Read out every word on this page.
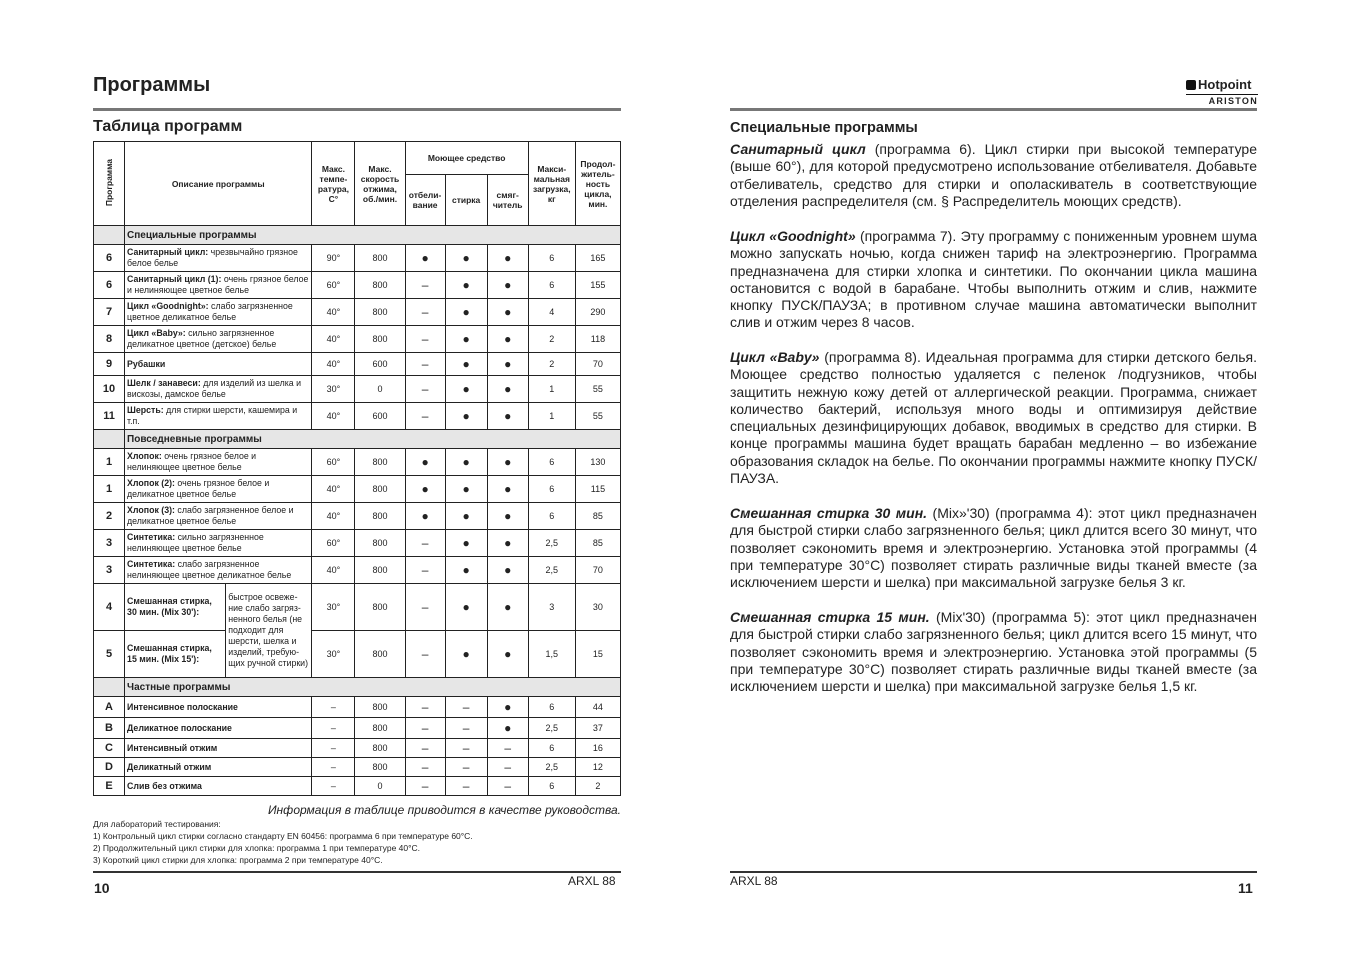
Программы
Таблица программ
Программа	Описание программы		Макс. темпе-ратура, С°	Макс. скорость отжима, об./мин.	Моющее средство			Макси-мальная загрузка, кг	Продол-житель-ность цикла, мин.
					отбели-вание	стирка	смяг-читель		
	Специальные программы								
6	Санитарный цикл: чрезвычайно грязное белое белье		90°	800	●	●	●	6	165
6	Санитарный цикл (1): очень грязное белое и нелиняющее цветное белье		60°	800	–	●	●	6	155
7	Цикл «Goodnight»: слабо загрязненное цветное деликатное белье		40°	800	–	●	●	4	290
8	Цикл «Baby»: сильно загрязненное деликатное цветное (детское) белье		40°	800	–	●	●	2	118
9	Рубашки		40°	600	–	●	●	2	70
10	Шелк / занавеси: для изделий из шелка и вискозы, дамское белье		30°	0	–	●	●	1	55
11	Шерсть: для стирки шерсти, кашемира и т.п.		40°	600	–	●	●	1	55
	Повседневные программы								
1	Хлопок: очень грязное белое и нелиняющее цветное белье		60°	800	●	●	●	6	130
1	Хлопок (2): очень грязное белое и деликатное цветное белье		40°	800	●	●	●	6	115
2	Хлопок (3): слабо загрязненное белое и деликатное цветное белье		40°	800	●	●	●	6	85
3	Синтетика: сильно загрязненное нелиняющее цветное белье		60°	800	–	●	●	2,5	85
3	Синтетика: слабо загрязненное нелиняющее цветное деликатное белье		40°	800	–	●	●	2,5	70
4	Смешанная стирка, 30 мин. (Mix 30'):	быстрое освеже-ние слабо загряз-ненного белья (не подходит для шерсти, шелка и изделий, требую-щих ручной стирки)	30°	800	–	●	●	3	30
5	Смешанная стирка, 15 мин. (Mix 15'):		30°	800	–	●	●	1,5	15
	Частные программы								
A	Интенсивное полоскание		–	800	–	–	●	6	44
B	Деликатное полоскание		–	800	–	–	●	2,5	37
C	Интенсивный отжим		–	800	–	–	–	6	16
D	Деликатный отжим		–	800	–	–	–	2,5	12
E	Слив без отжима		–	0	–	–	–	6	2
Информация в таблице приводится в качестве руководства.
Для лабораторий тестирования:
1) Контрольный цикл стирки согласно стандарту EN 60456: программа 6 при температуре 60°C.
2) Продолжительный цикл стирки для хлопка: программа 1 при температуре 40°C.
3) Короткий цикл стирки для хлопка: программа 2 при температуре 40°C.
10	ARXL 88
Hotpoint
ARISTON
Специальные программы
Санитарный цикл (программа 6). Цикл стирки при высокой температуре (выше 60°), для которой предусмотрено использование отбеливателя. Добавьте отбеливатель, средство для стирки и ополаскиватель в соответствующие отделения распределителя (см. § Распределитель моющих средств).
Цикл «Goodnight» (программа 7). Эту программу с пониженным уровнем шума можно запускать ночью, когда снижен тариф на электроэнергию. Программа предназначена для стирки хлопка и синтетики. По окончании цикла машина остановится с водой в барабане. Чтобы выполнить отжим и слив, нажмите кнопку ПУСК/ПАУЗА; в противном случае машина автоматически выполнит слив и отжим через 8 часов.
Цикл «Baby» (программа 8). Идеальная программа для стирки детского белья. Моющее средство полностью удаляется с пеленок /подгузников, чтобы защитить нежную кожу детей от аллергической реакции. Программа, снижает количество бактерий, используя много воды и оптимизируя действие специальных дезинфицирующих добавок, вводимых в средство для стирки. В конце программы машина будет вращать барабан медленно – во избежание образования складок на белье. По окончании программы нажмите кнопку ПУСК/ПАУЗА.
Смешанная стирка 30 мин. (Mix»'30) (программа 4): этот цикл предназначен для быстрой стирки слабо загрязненного белья; цикл длится всего 30 минут, что позволяет сэкономить время и электроэнергию. Установка этой программы (4 при температуре 30°C) позволяет стирать различные виды тканей вместе (за исключением шерсти и шелка) при максимальной загрузке белья 3 кг.
Смешанная стирка 15 мин. (Mix'30) (программа 5): этот цикл предназначен для быстрой стирки слабо загрязненного белья; цикл длится всего 15 минут, что позволяет сэкономить время и электроэнергию. Установка этой программы (5 при температуре 30°C) позволяет стирать различные виды тканей вместе (за исключением шерсти и шелка) при максимальной загрузке белья 1,5 кг.
ARXL 88	11
